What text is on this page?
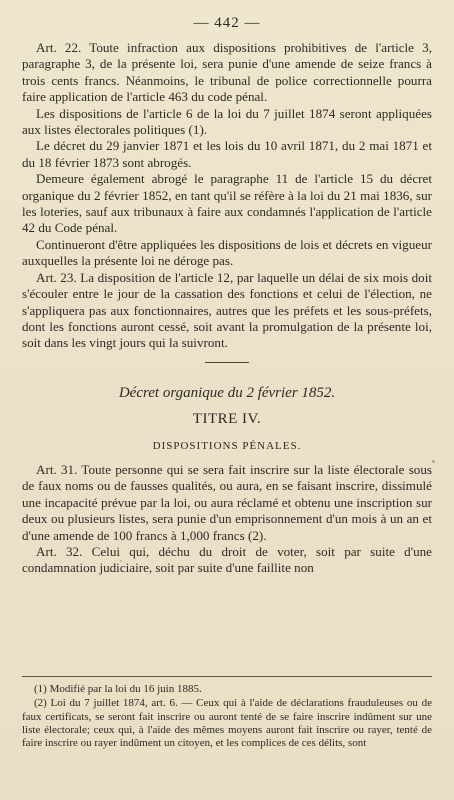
— 442 —

Art. 22. Toute infraction aux dispositions prohibitives de l'article 3, paragraphe 3, de la présente loi, sera punie d'une amende de seize francs à trois cents francs. Néanmoins, le tribunal de police correctionnelle pourra faire application de l'article 463 du code pénal.

Les dispositions de l'article 6 de la loi du 7 juillet 1874 seront appliquées aux listes électorales politiques (1).

Le décret du 29 janvier 1871 et les lois du 10 avril 1871, du 2 mai 1871 et du 18 février 1873 sont abrogés.

Demeure également abrogé le paragraphe 11 de l'article 15 du décret organique du 2 février 1852, en tant qu'il se réfère à la loi du 21 mai 1836, sur les loteries, sauf aux tribunaux à faire aux condamnés l'application de l'article 42 du Code pénal.

Continueront d'être appliquées les dispositions de lois et décrets en vigueur auxquelles la présente loi ne déroge pas.

Art. 23. La disposition de l'article 12, par laquelle un délai de six mois doit s'écouler entre le jour de la cassation des fonctions et celui de l'élection, ne s'appliquera pas aux fonctionnaires, autres que les préfets et les sous-préfets, dont les fonctions auront cessé, soit avant la promulgation de la présente loi, soit dans les vingt jours qui la suivront.

Décret organique du 2 février 1852.
TITRE IV.
DISPOSITIONS PÉNALES.

Art. 31. Toute personne qui se sera fait inscrire sur la liste électorale sous de faux noms ou de fausses qualités, ou aura, en se faisant inscrire, dissimulé une incapacité prévue par la loi, ou aura réclamé et obtenu une inscription sur deux ou plusieurs listes, sera punie d'un emprisonnement d'un mois à un an et d'une amende de 100 francs à 1,000 francs (2).

Art. 32. Celui qui, déchu du droit de voter, soit par suite d'une condamnation judiciaire, soit par suite d'une faillite non

(1) Modifié par la loi du 16 juin 1885.

(2) Loi du 7 juillet 1874, art. 6. — Ceux qui à l'aide de déclarations frauduleuses ou de faux certificats, se seront fait inscrire ou auront tenté de se faire inscrire indûment sur une liste électorale; ceux qui, à l'aide des mêmes moyens auront fait inscrire ou rayer, tenté de faire inscrire ou rayer indûment un citoyen, et les complices de ces délits, sont
